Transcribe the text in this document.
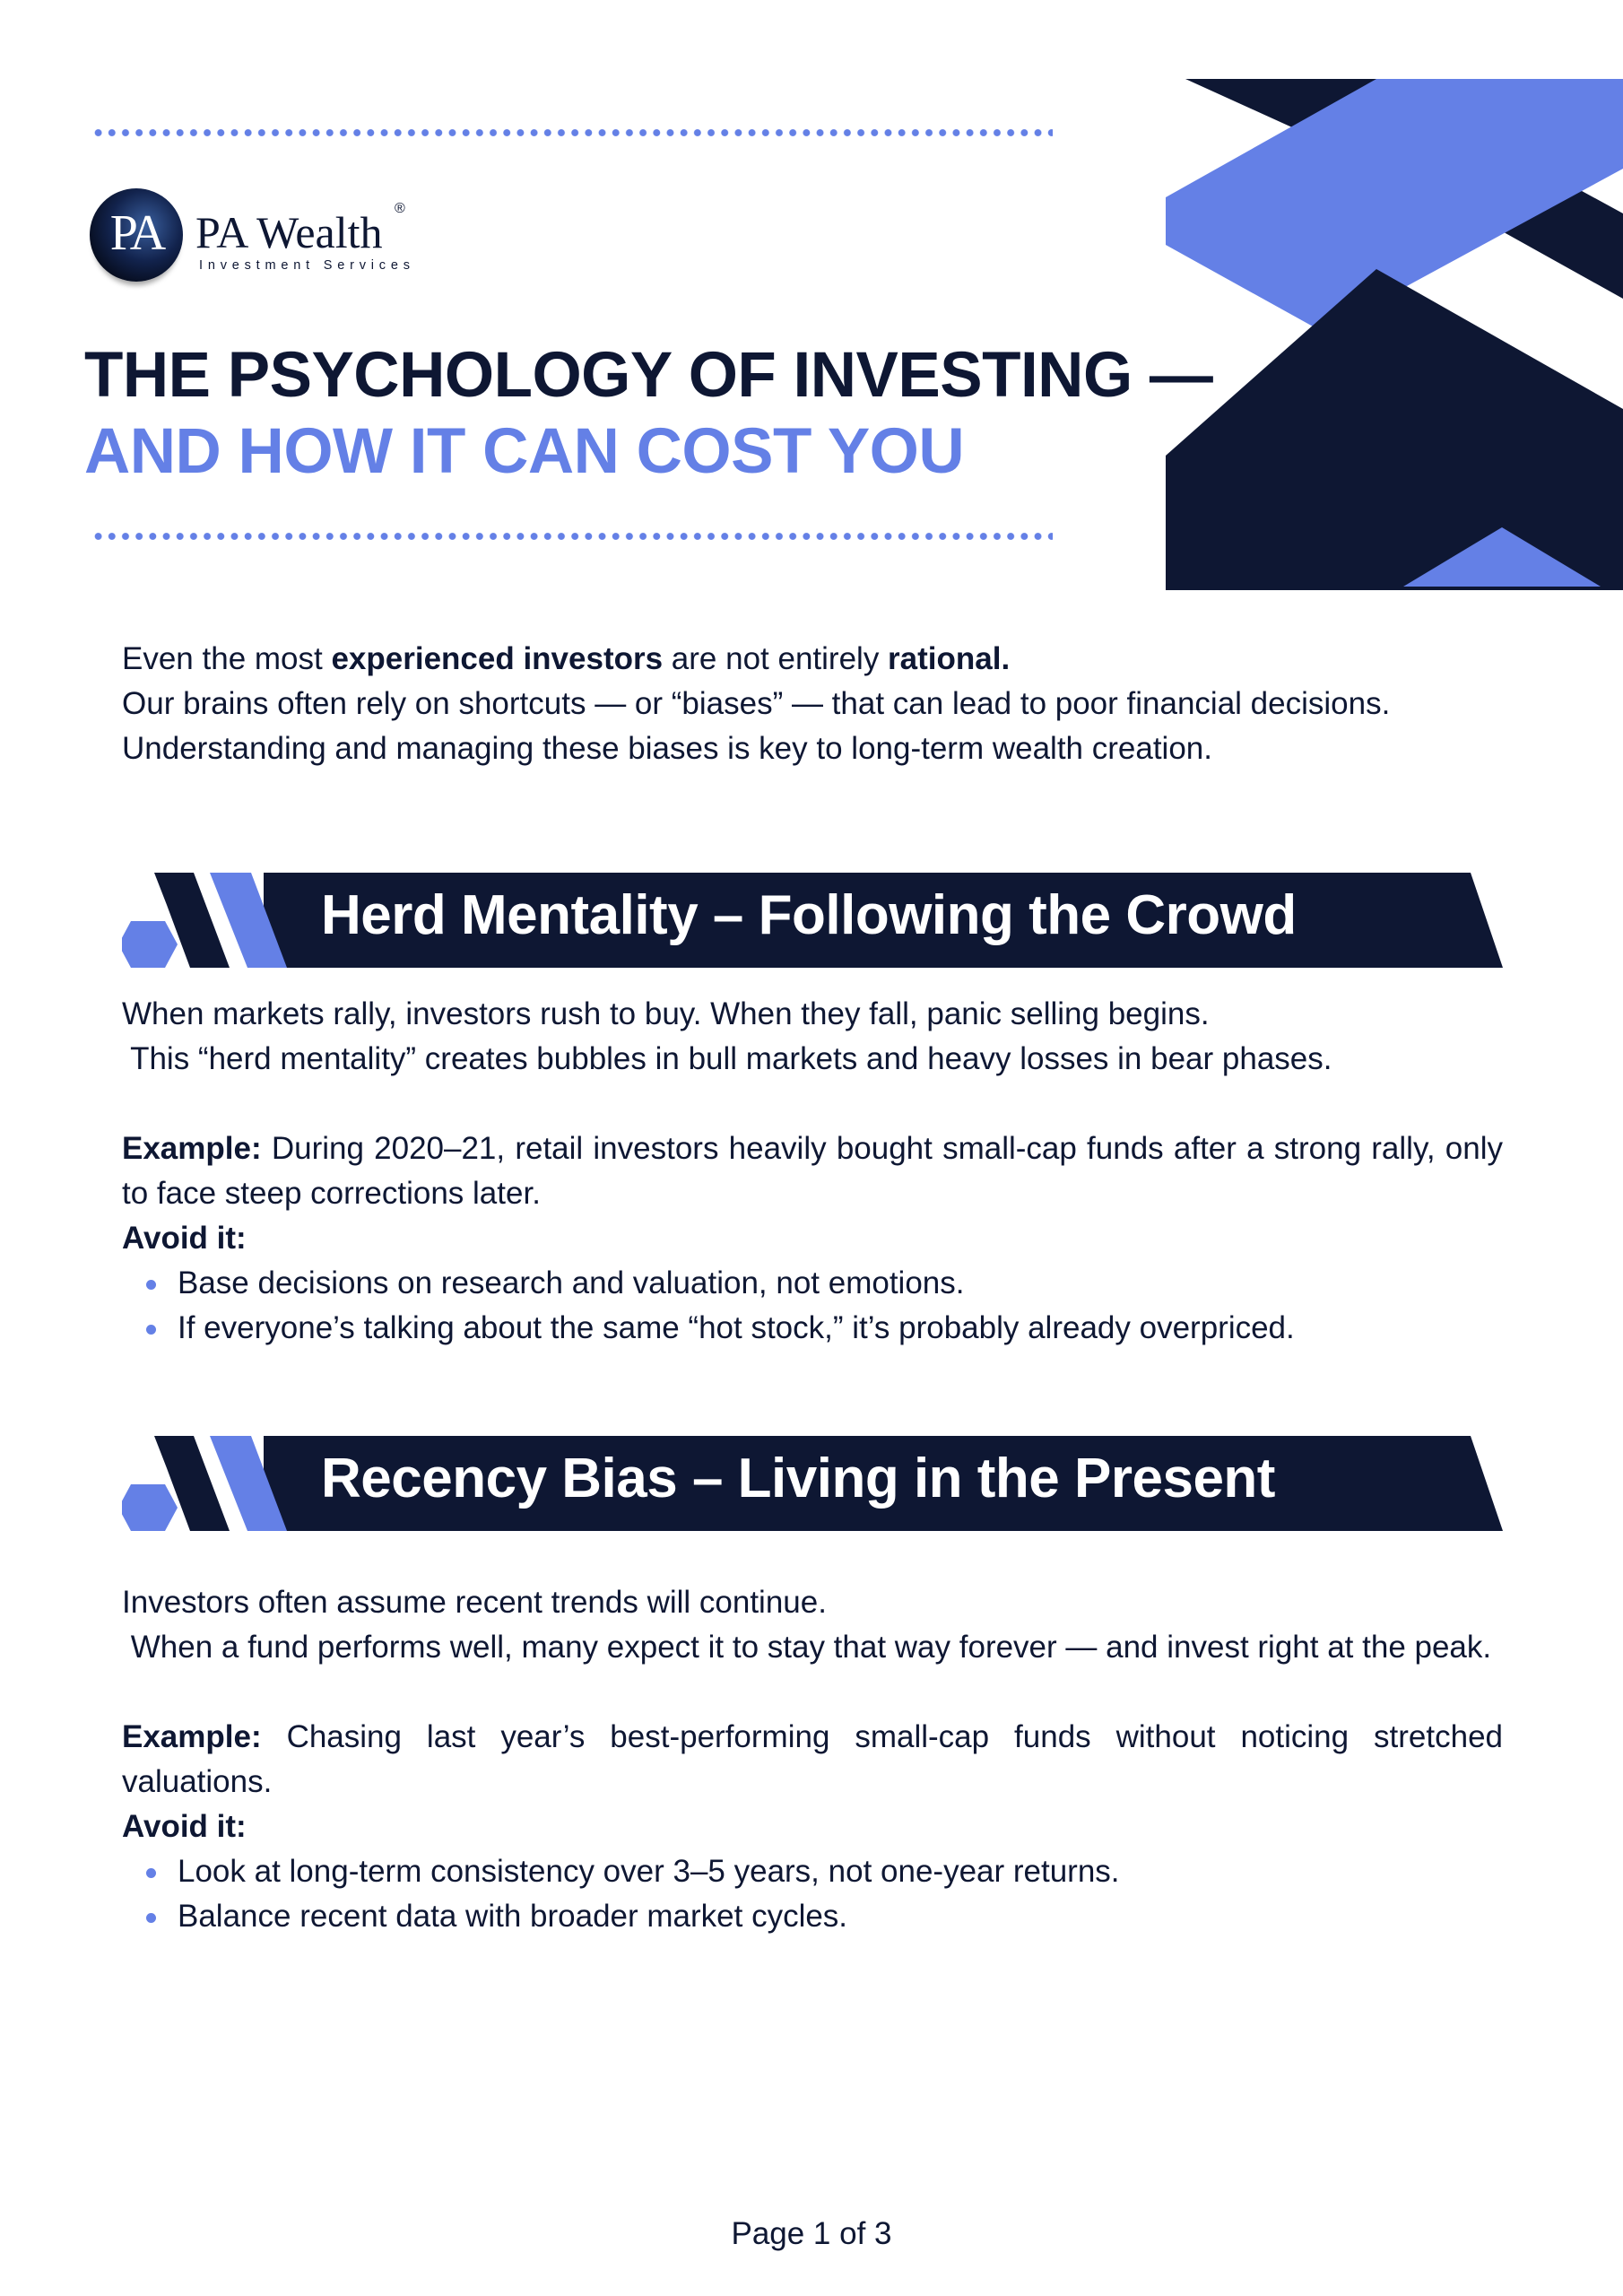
PA PA Wealth ®
Investment Services
THE PSYCHOLOGY OF INVESTING —
AND HOW IT CAN COST YOU

Even the most experienced investors are not entirely rational.

Our brains often rely on shortcuts — or “biases” — that can lead to poor financial decisions.

Understanding and managing these biases is key to long-term wealth creation.

Herd Mentality – Following the Crowd

When markets rally, investors rush to buy. When they fall, panic selling begins.

This “herd mentality” creates bubbles in bull markets and heavy losses in bear phases.

Example: During 2020–21, retail investors heavily bought small-cap funds after a strong rally, only to face steep corrections later.

Avoid it:

Base decisions on research and valuation, not emotions.
If everyone’s talking about the same “hot stock,” it’s probably already overpriced.
Recency Bias – Living in the Present

Investors often assume recent trends will continue.

When a fund performs well, many expect it to stay that way forever — and invest right at the peak.

Example: Chasing last year’s best-performing small-cap funds without noticing stretched valuations.

Avoid it:

Look at long-term consistency over 3–5 years, not one-year returns.
Balance recent data with broader market cycles.
Page 1 of 3
